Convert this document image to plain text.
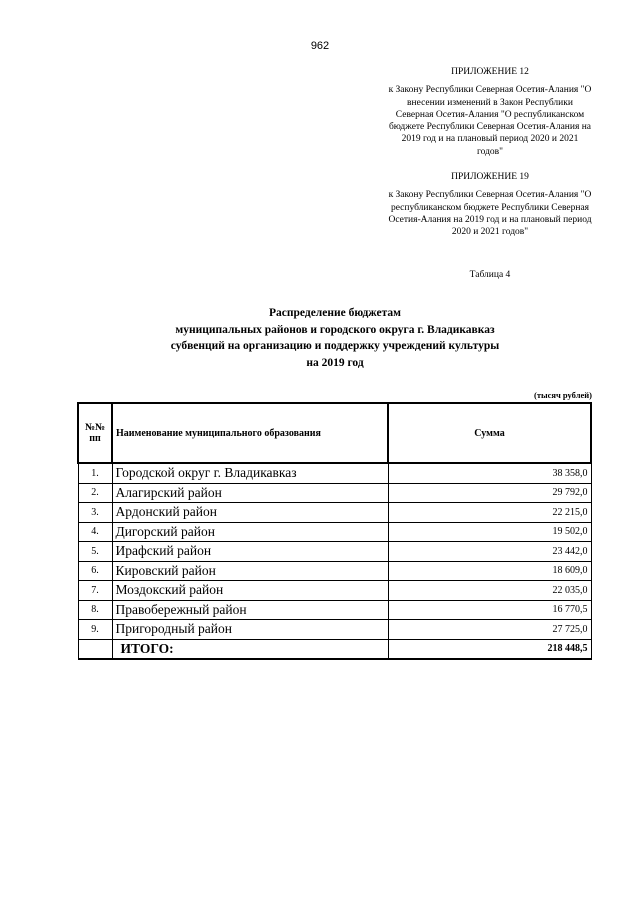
962
ПРИЛОЖЕНИЕ 12
к Закону Республики Северная Осетия-Алания "О внесении изменений в Закон Республики Северная Осетия-Алания "О республиканском бюджете Республики Северная Осетия-Алания на 2019 год и на плановый период 2020 и 2021 годов"
ПРИЛОЖЕНИЕ 19
к Закону Республики Северная Осетия-Алания "О республиканском бюджете Республики Северная Осетия-Алания на 2019 год и на плановый период 2020 и 2021 годов"
Таблица 4
Распределение бюджетам
муниципальных районов и городского округа г. Владикавказ
субвенций на организацию и поддержку учреждений культуры
на 2019 год
(тысяч рублей)
№№ пп	Наименование муниципального образования	Сумма
1.	Городской округ г. Владикавказ	38 358,0
2.	Алагирский район	29 792,0
3.	Ардонский район	22 215,0
4.	Дигорский район	19 502,0
5.	Ирафский район	23 442,0
6.	Кировский район	18 609,0
7.	Моздокский район	22 035,0
8.	Правобережный район	16 770,5
9.	Пригородный район	27 725,0
	ИТОГО:	218 448,5
